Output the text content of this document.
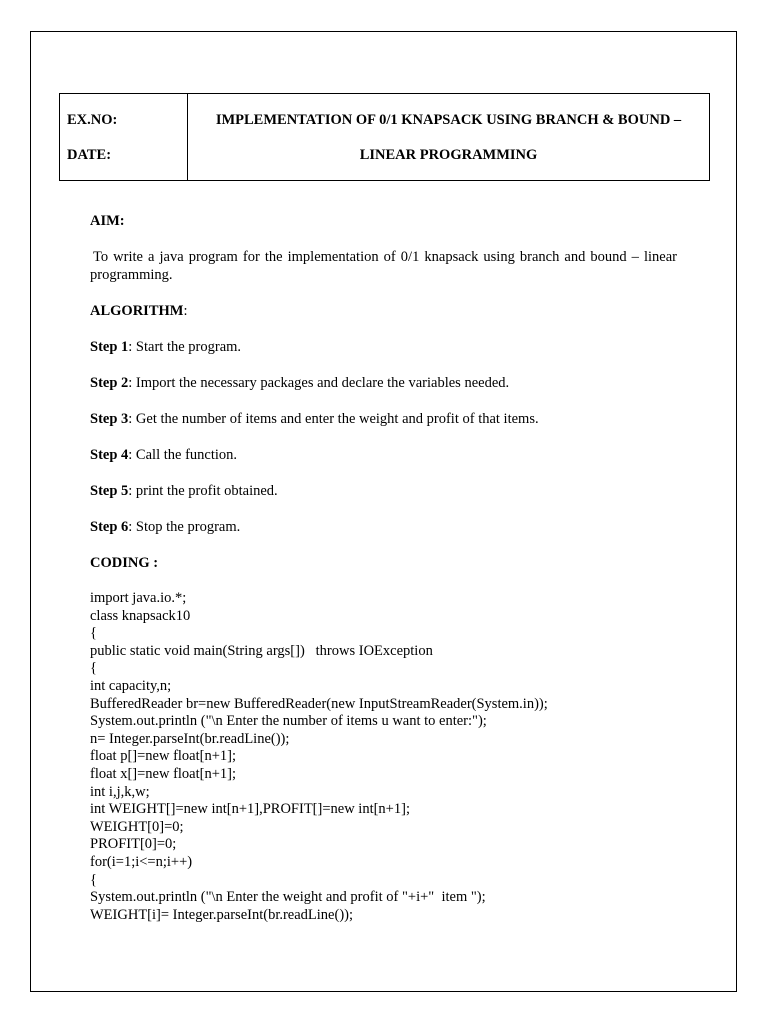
EX.NO:
DATE:
IMPLEMENTATION OF 0/1 KNAPSACK USING BRANCH & BOUND –
LINEAR PROGRAMMING
AIM:
To write a java program for the implementation of 0/1 knapsack using branch and bound – linear programming.
ALGORITHM:
Step 1: Start the program.
Step 2: Import the necessary packages and declare the variables needed.
Step 3: Get the number of items and enter the weight and profit of that items.
Step 4: Call the function.
Step 5: print the profit obtained.
Step 6: Stop the program.
CODING :
import java.io.*;
class knapsack10
{
public static void main(String args[])   throws IOException
{
int capacity,n;
BufferedReader br=new BufferedReader(new InputStreamReader(System.in));
System.out.println ("\n Enter the number of items u want to enter:");
n= Integer.parseInt(br.readLine());
float p[]=new float[n+1];
float x[]=new float[n+1];
int i,j,k,w;
int WEIGHT[]=new int[n+1],PROFIT[]=new int[n+1];
WEIGHT[0]=0;
PROFIT[0]=0;
for(i=1;i<=n;i++)
{
System.out.println ("\n Enter the weight and profit of "+i+"  item ");
WEIGHT[i]= Integer.parseInt(br.readLine());
